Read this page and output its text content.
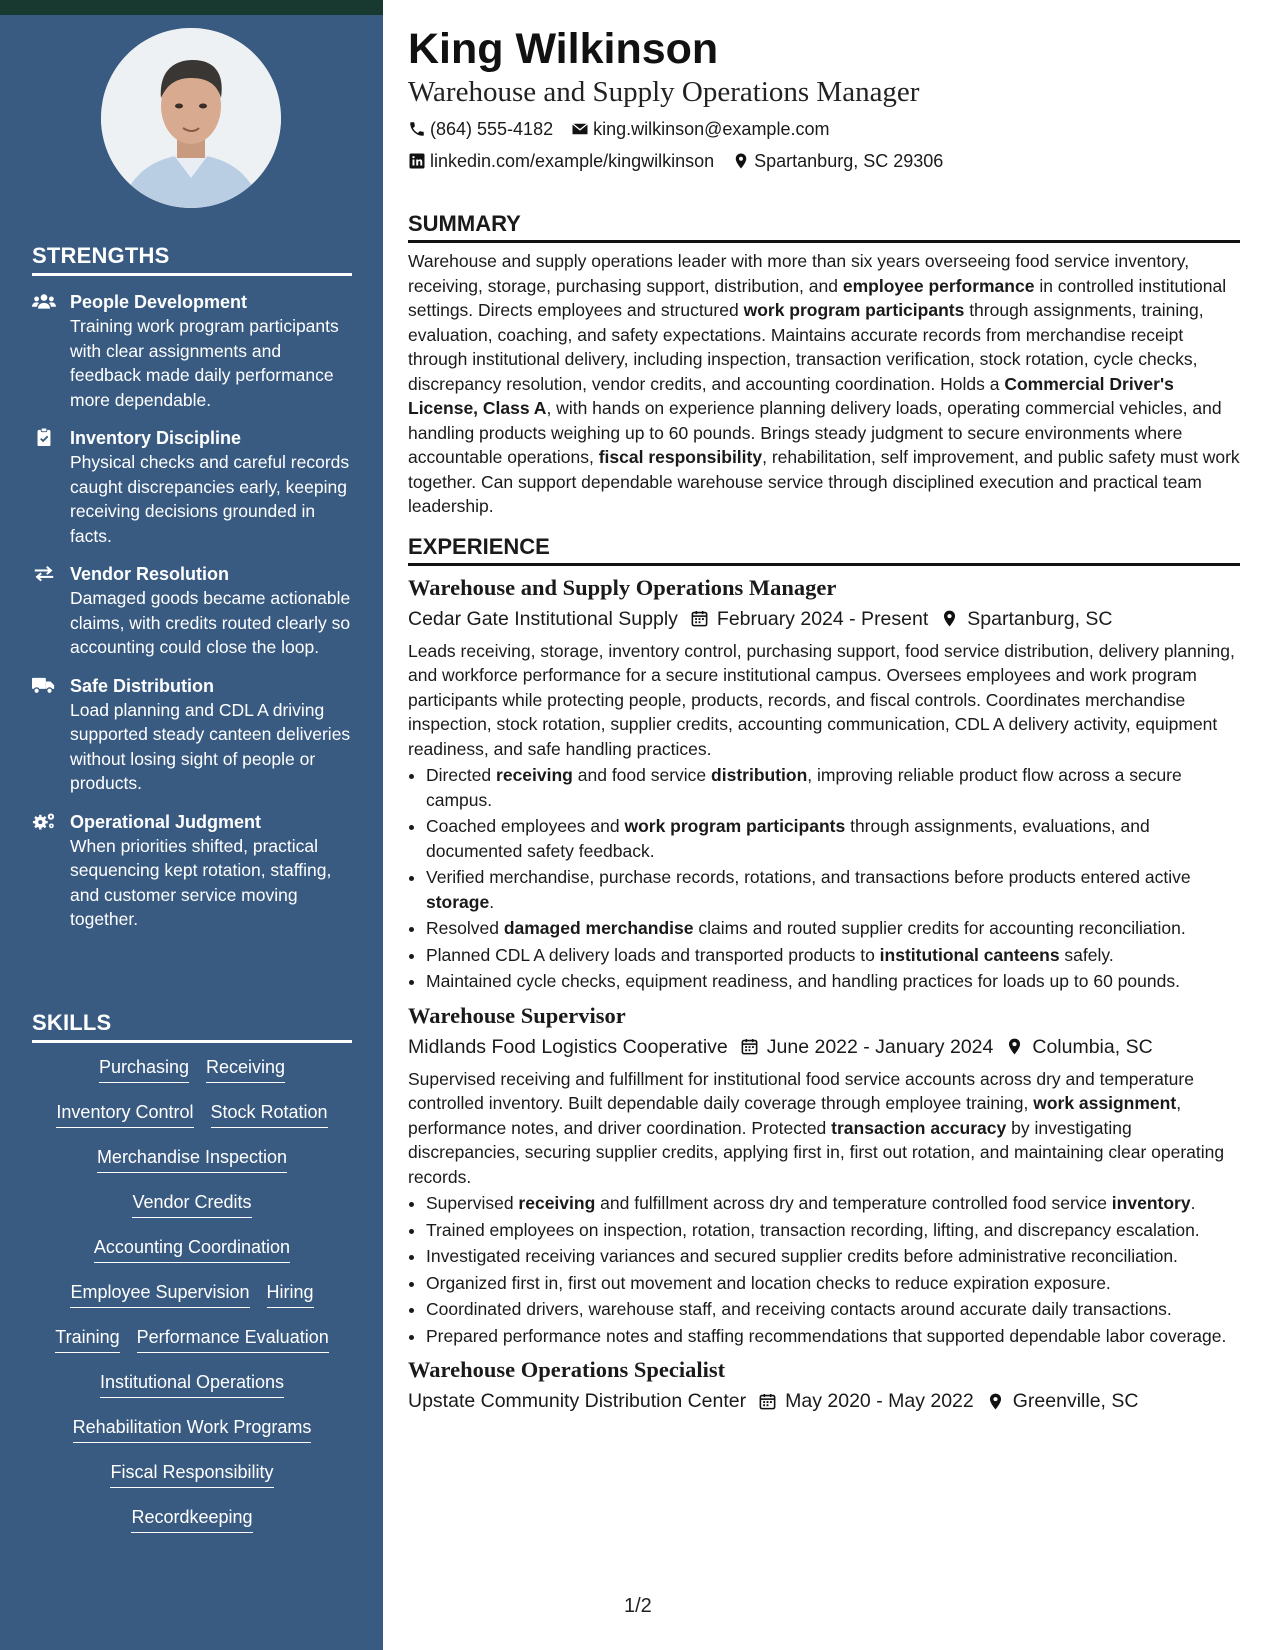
STRENGTHS
People Development
Training work program participants with clear assignments and feedback made daily performance more dependable.
Inventory Discipline
Physical checks and careful records caught discrepancies early, keeping receiving decisions grounded in facts.
Vendor Resolution
Damaged goods became actionable claims, with credits routed clearly so accounting could close the loop.
Safe Distribution
Load planning and CDL A driving supported steady canteen deliveries without losing sight of people or products.
Operational Judgment
When priorities shifted, practical sequencing kept rotation, staffing, and customer service moving together.
SKILLS
Purchasing Receiving
Inventory Control Stock Rotation
Merchandise Inspection
Vendor Credits
Accounting Coordination
Employee Supervision Hiring
Training Performance Evaluation
Institutional Operations
Rehabilitation Work Programs
Fiscal Responsibility
Recordkeeping
King Wilkinson
Warehouse and Supply Operations Manager
(864) 555-4182 king.wilkinson@example.com
linkedin.com/example/kingwilkinson Spartanburg, SC 29306
SUMMARY

Warehouse and supply operations leader with more than six years overseeing food service inventory, receiving, storage, purchasing support, distribution, and employee performance in controlled institutional settings. Directs employees and structured work program participants through assignments, training, evaluation, coaching, and safety expectations. Maintains accurate records from merchandise receipt through institutional delivery, including inspection, transaction verification, stock rotation, cycle checks, discrepancy resolution, vendor credits, and accounting coordination. Holds a Commercial Driver's License, Class A, with hands on experience planning delivery loads, operating commercial vehicles, and handling products weighing up to 60 pounds. Brings steady judgment to secure environments where accountable operations, fiscal responsibility, rehabilitation, self improvement, and public safety must work together. Can support dependable warehouse service through disciplined execution and practical team leadership.

EXPERIENCE
Warehouse and Supply Operations Manager
Cedar Gate Institutional Supply February 2024 - Present Spartanburg, SC

Leads receiving, storage, inventory control, purchasing support, food service distribution, delivery planning, and workforce performance for a secure institutional campus. Oversees employees and work program participants while protecting people, products, records, and fiscal controls. Coordinates merchandise inspection, stock rotation, supplier credits, accounting communication, CDL A delivery activity, equipment readiness, and safe handling practices.

• Directed receiving and food service distribution, improving reliable product flow across a secure campus.
• Coached employees and work program participants through assignments, evaluations, and documented safety feedback.
• Verified merchandise, purchase records, rotations, and transactions before products entered active storage.
• Resolved damaged merchandise claims and routed supplier credits for accounting reconciliation.
• Planned CDL A delivery loads and transported products to institutional canteens safely.
• Maintained cycle checks, equipment readiness, and handling practices for loads up to 60 pounds.
Warehouse Supervisor
Midlands Food Logistics Cooperative June 2022 - January 2024 Columbia, SC

Supervised receiving and fulfillment for institutional food service accounts across dry and temperature controlled inventory. Built dependable daily coverage through employee training, work assignment, performance notes, and driver coordination. Protected transaction accuracy by investigating discrepancies, securing supplier credits, applying first in, first out rotation, and maintaining clear operating records.

• Supervised receiving and fulfillment across dry and temperature controlled food service inventory.
• Trained employees on inspection, rotation, transaction recording, lifting, and discrepancy escalation.
• Investigated receiving variances and secured supplier credits before administrative reconciliation.
• Organized first in, first out movement and location checks to reduce expiration exposure.
• Coordinated drivers, warehouse staff, and receiving contacts around accurate daily transactions.
• Prepared performance notes and staffing recommendations that supported dependable labor coverage.
Warehouse Operations Specialist
Upstate Community Distribution Center May 2020 - May 2022 Greenville, SC
1/2
